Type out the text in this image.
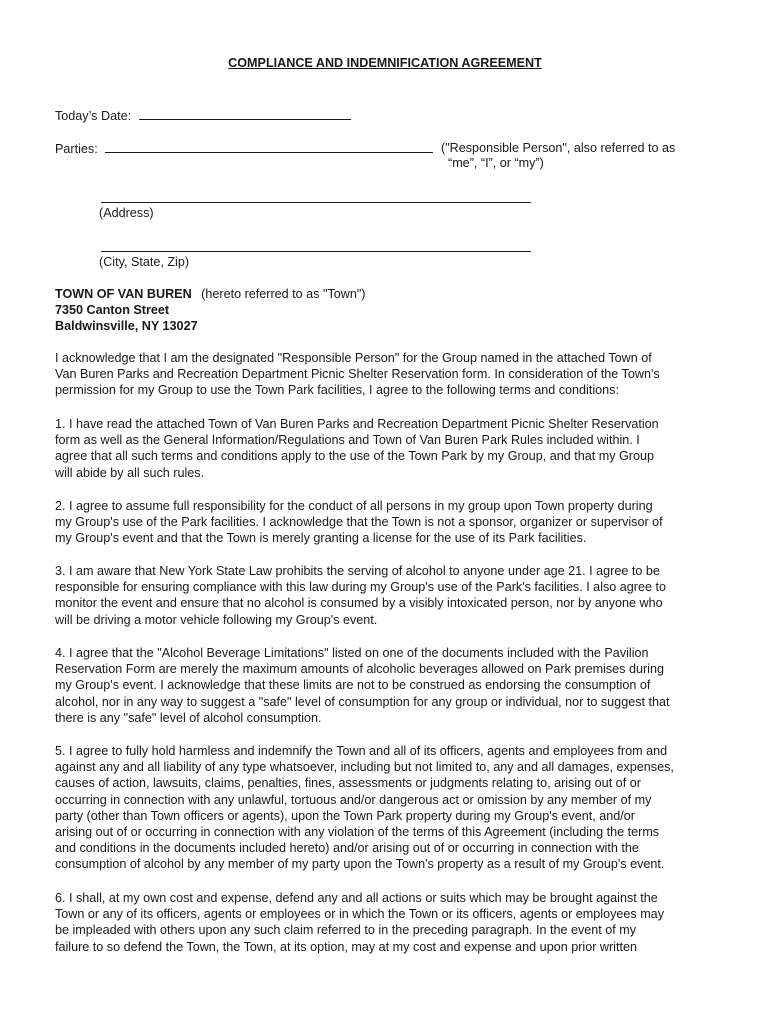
COMPLIANCE AND INDEMNIFICATION AGREEMENT
Today’s Date:
Parties:	("Responsible Person", also referred to as
“me”, “I”, or “my”)
(Address)
(City, State, Zip)
TOWN OF VAN BUREN (hereto referred to as "Town")
7350 Canton Street
Baldwinsville, NY 13027

I acknowledge that I am the designated "Responsible Person" for the Group named in the attached Town of

Van Buren Parks and Recreation Department Picnic Shelter Reservation form. In consideration of the Town's

permission for my Group to use the Town Park facilities, I agree to the following terms and conditions:

1. I have read the attached Town of Van Buren Parks and Recreation Department Picnic Shelter Reservation

form as well as the General Information/Regulations and Town of Van Buren Park Rules included within. I

agree that all such terms and conditions apply to the use of the Town Park by my Group, and that my Group

will abide by all such rules.

2. I agree to assume full responsibility for the conduct of all persons in my group upon Town property during

my Group's use of the Park facilities. I acknowledge that the Town is not a sponsor, organizer or supervisor of

my Group's event and that the Town is merely granting a license for the use of its Park facilities.

3. I am aware that New York State Law prohibits the serving of alcohol to anyone under age 21. I agree to be

responsible for ensuring compliance with this law during my Group's use of the Park's facilities. I also agree to

monitor the event and ensure that no alcohol is consumed by a visibly intoxicated person, nor by anyone who

will be driving a motor vehicle following my Group's event.

4. I agree that the "Alcohol Beverage Limitations" listed on one of the documents included with the Pavilion

Reservation Form are merely the maximum amounts of alcoholic beverages allowed on Park premises during

my Group's event. I acknowledge that these limits are not to be construed as endorsing the consumption of

alcohol, nor in any way to suggest a "safe" level of consumption for any group or individual, nor to suggest that

there is any "safe" level of alcohol consumption.

5. I agree to fully hold harmless and indemnify the Town and all of its officers, agents and employees from and

against any and all liability of any type whatsoever, including but not limited to, any and all damages, expenses,

causes of action, lawsuits, claims, penalties, fines, assessments or judgments relating to, arising out of or

occurring in connection with any unlawful, tortuous and/or dangerous act or omission by any member of my

party (other than Town officers or agents), upon the Town Park property during my Group's event, and/or

arising out of or occurring in connection with any violation of the terms of this Agreement (including the terms

and conditions in the documents included hereto) and/or arising out of or occurring in connection with the

consumption of alcohol by any member of my party upon the Town's property as a result of my Group's event.

6. I shall, at my own cost and expense, defend any and all actions or suits which may be brought against the

Town or any of its officers, agents or employees or in which the Town or its officers, agents or employees may

be impleaded with others upon any such claim referred to in the preceding paragraph. In the event of my

failure to so defend the Town, the Town, at its option, may at my cost and expense and upon prior written
